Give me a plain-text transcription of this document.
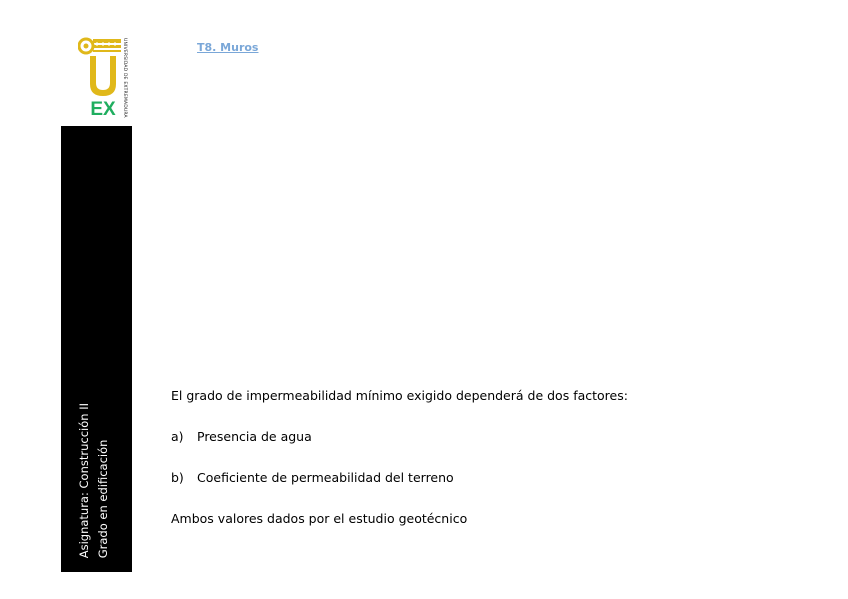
EX UNIVERSIDAD DE EXTREMADURA
Asignatura: Construcción II Grado en edificación
T8. Muros
El grado de impermeabilidad mínimo exigido dependerá de dos factores:
a) Presencia de agua
b) Coeficiente de permeabilidad del terreno
Ambos valores dados por el estudio geotécnico
